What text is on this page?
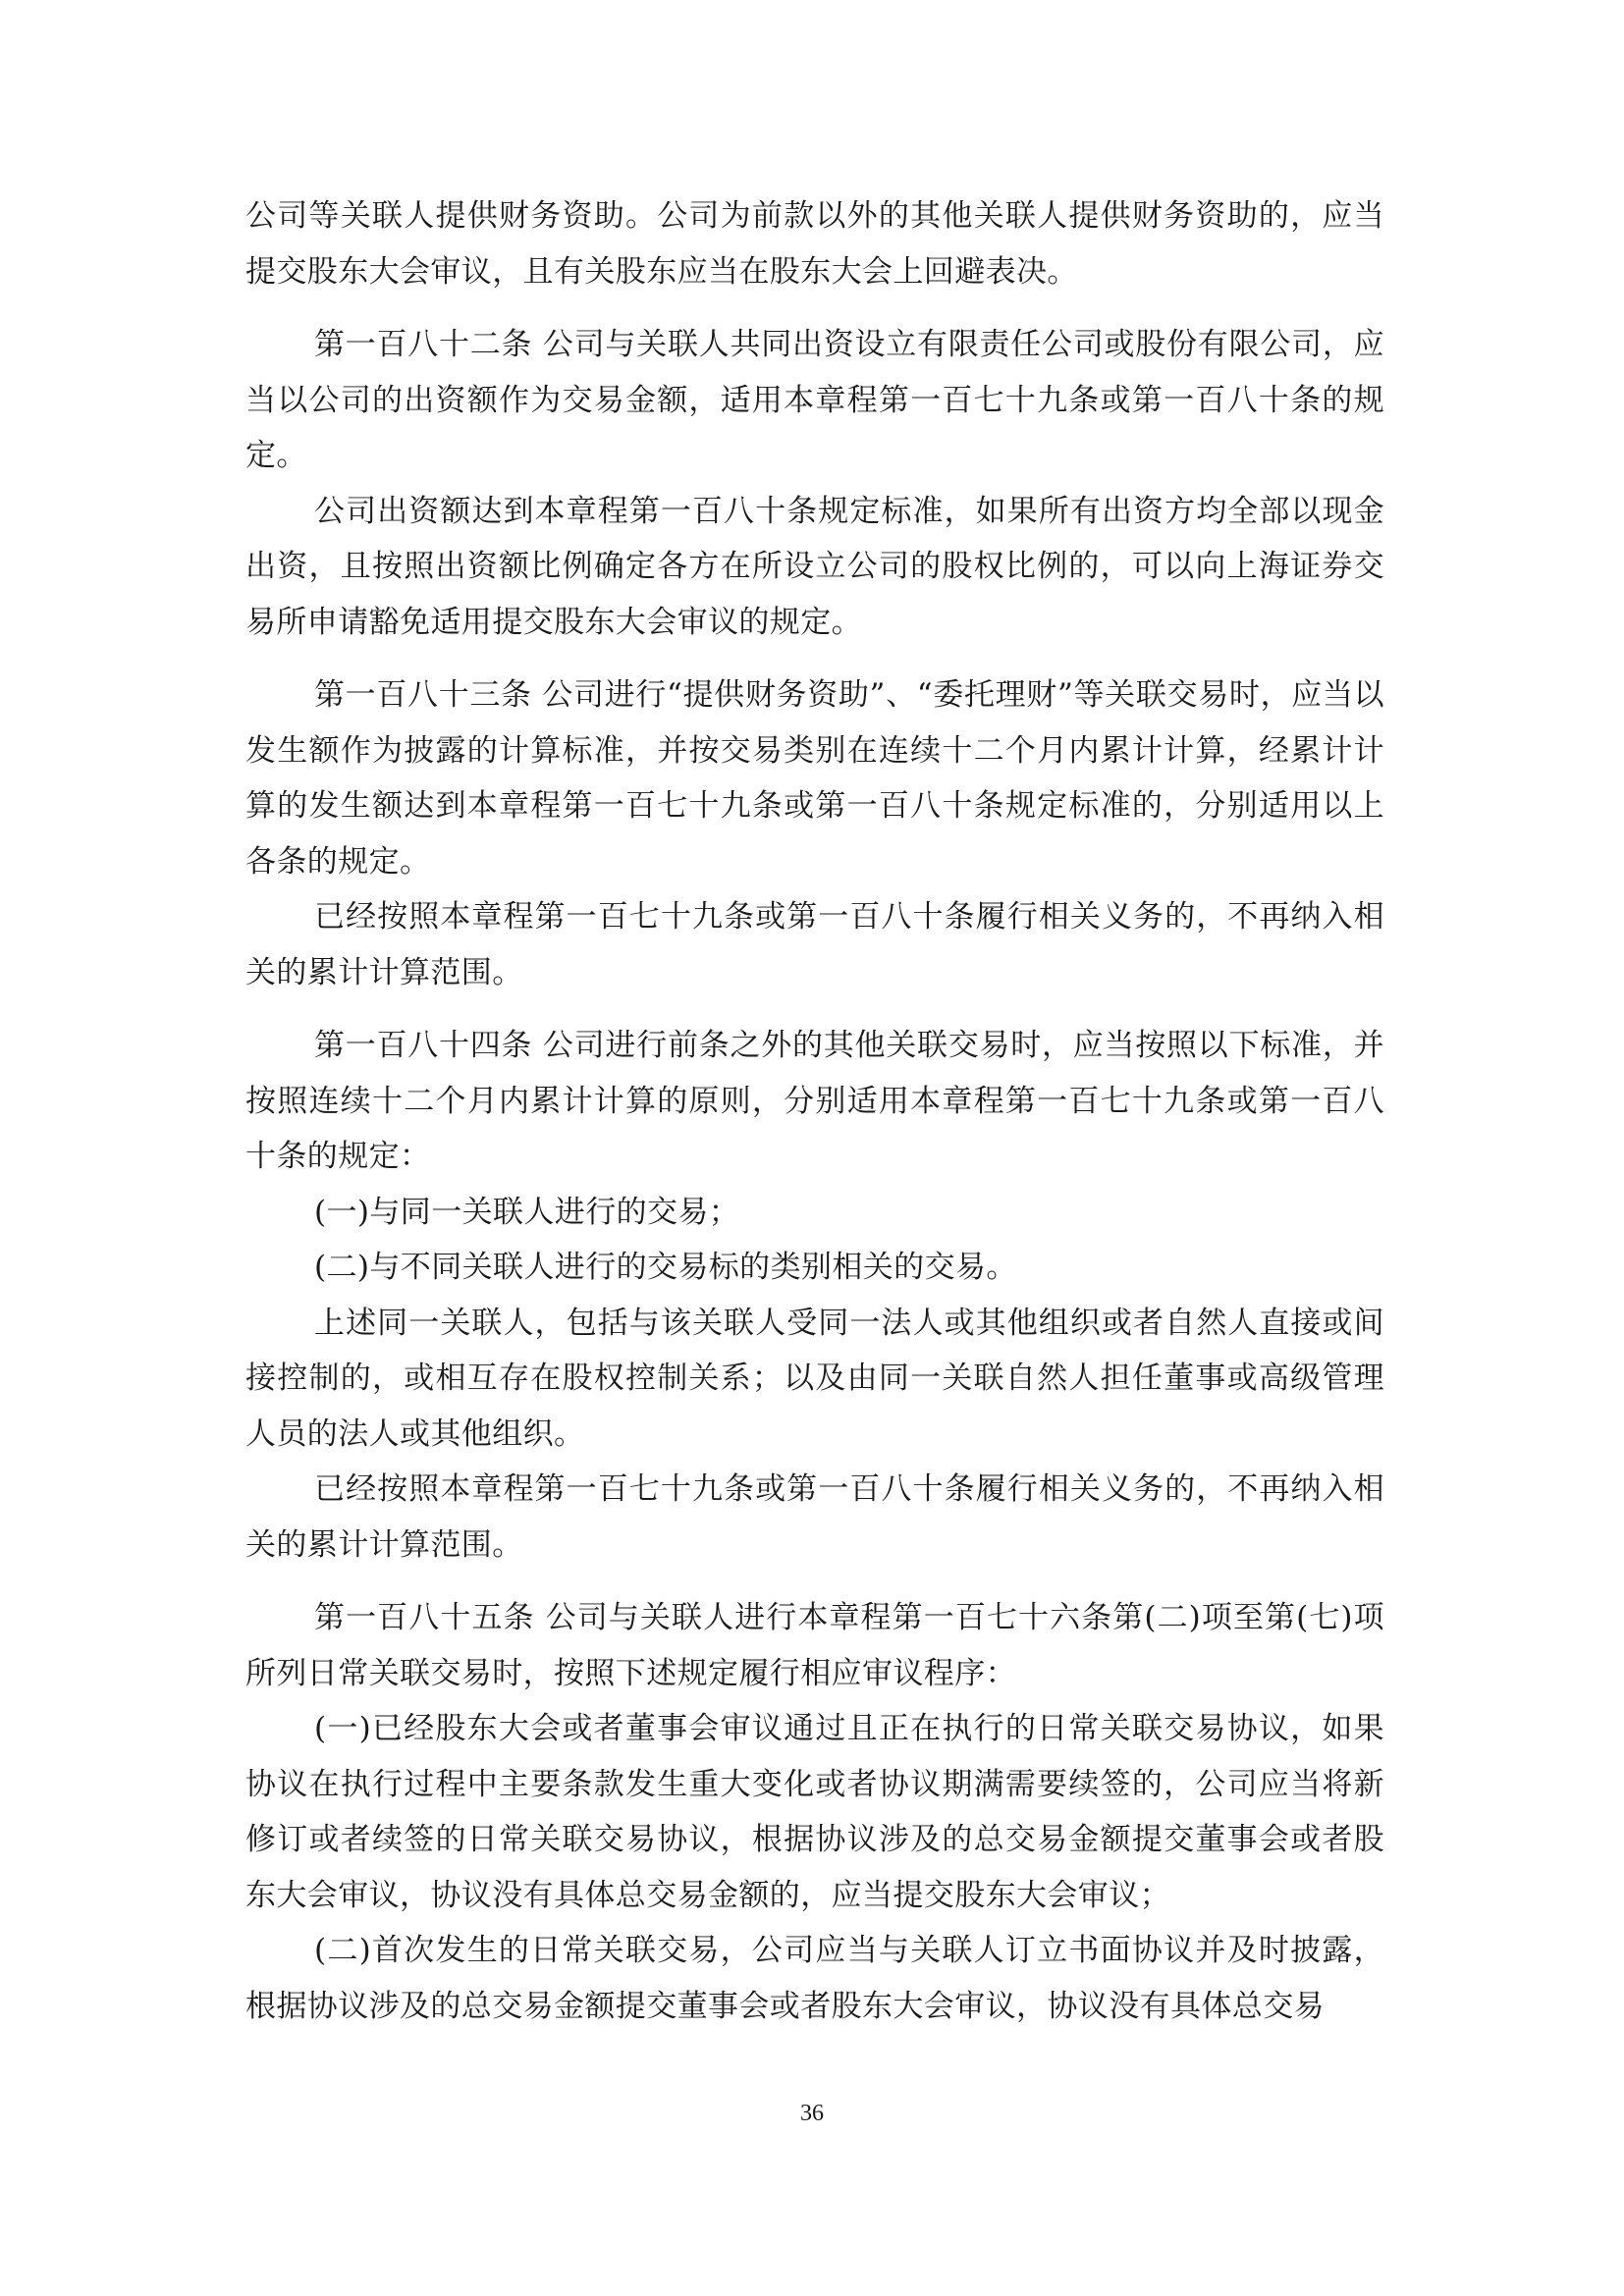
公司等关联人提供财务资助。公司为前款以外的其他关联人提供财务资助的，应当提交股东大会审议，且有关股东应当在股东大会上回避表决。

第一百八十二条 公司与关联人共同出资设立有限责任公司或股份有限公司，应当以公司的出资额作为交易金额，适用本章程第一百七十九条或第一百八十条的规定。

公司出资额达到本章程第一百八十条规定标准，如果所有出资方均全部以现金出资，且按照出资额比例确定各方在所设立公司的股权比例的，可以向上海证券交易所申请豁免适用提交股东大会审议的规定。

第一百八十三条 公司进行“提供财务资助”、“委托理财”等关联交易时，应当以发生额作为披露的计算标准，并按交易类别在连续十二个月内累计计算，经累计计算的发生额达到本章程第一百七十九条或第一百八十条规定标准的，分别适用以上各条的规定。

已经按照本章程第一百七十九条或第一百八十条履行相关义务的，不再纳入相关的累计计算范围。

第一百八十四条 公司进行前条之外的其他关联交易时，应当按照以下标准，并按照连续十二个月内累计计算的原则，分别适用本章程第一百七十九条或第一百八十条的规定：

(一)与同一关联人进行的交易；

(二)与不同关联人进行的交易标的类别相关的交易。

上述同一关联人，包括与该关联人受同一法人或其他组织或者自然人直接或间接控制的，或相互存在股权控制关系；以及由同一关联自然人担任董事或高级管理人员的法人或其他组织。

已经按照本章程第一百七十九条或第一百八十条履行相关义务的，不再纳入相关的累计计算范围。

第一百八十五条 公司与关联人进行本章程第一百七十六条第(二)项至第(七)项所列日常关联交易时，按照下述规定履行相应审议程序：

(一)已经股东大会或者董事会审议通过且正在执行的日常关联交易协议，如果协议在执行过程中主要条款发生重大变化或者协议期满需要续签的，公司应当将新修订或者续签的日常关联交易协议，根据协议涉及的总交易金额提交董事会或者股东大会审议，协议没有具体总交易金额的，应当提交股东大会审议；

(二)首次发生的日常关联交易，公司应当与关联人订立书面协议并及时披露，根据协议涉及的总交易金额提交董事会或者股东大会审议，协议没有具体总交易

36
